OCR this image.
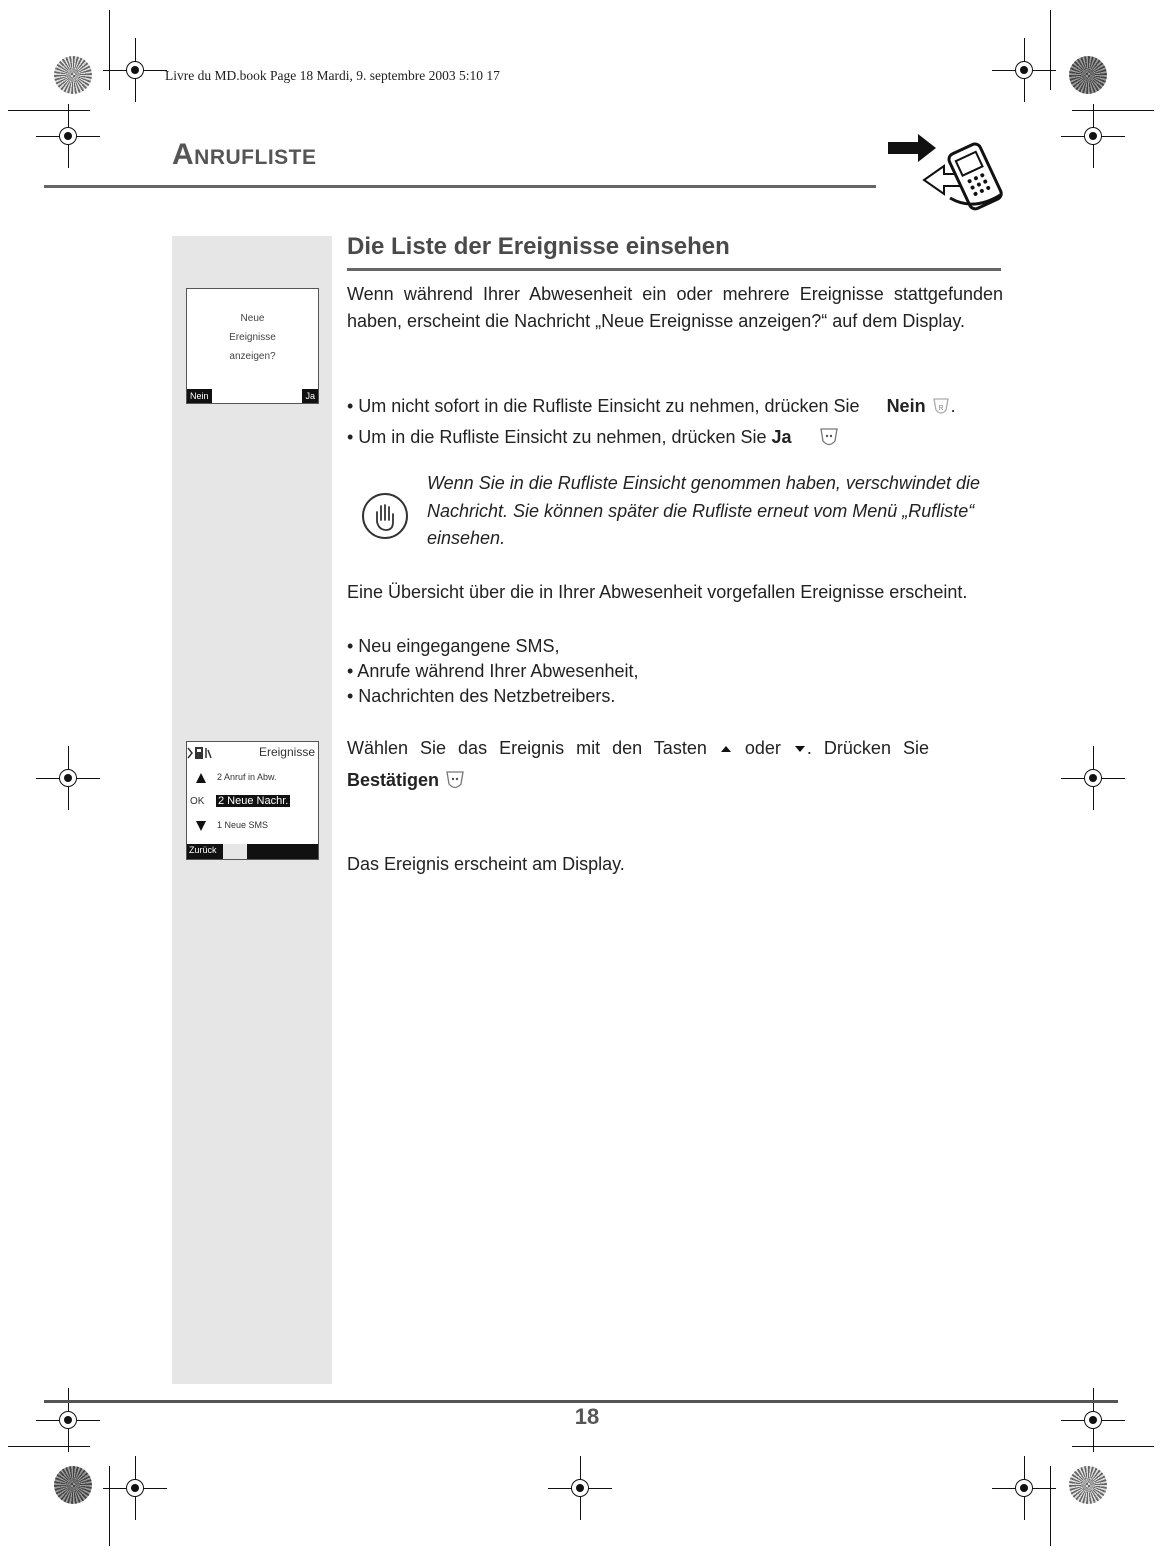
Livre du MD.book Page 18 Mardi, 9. septembre 2003 5:10 17
Anrufliste
Die Liste der Ereignisse einsehen
Neue
Ereignisse
anzeigen?
Nein	Ja
Wenn während Ihrer Abwesenheit ein oder mehrere Ereignisse stattgefunden haben, erscheint die Nachricht „Neue Ereignisse anzeigen?“ auf dem Display.
• Um nicht sofort in die Rufliste Einsicht zu nehmen, drücken Sie Nein R .
• Um in die Rufliste Einsicht zu nehmen, drücken Sie Ja
Wenn Sie in die Rufliste Einsicht genommen haben, verschwindet die Nachricht. Sie können später die Rufliste erneut vom Menü „Rufliste“ einsehen.
Eine Übersicht über die in Ihrer Abwesenheit vorgefallen Ereignisse erscheint.
• Neu eingegangene SMS,
• Anrufe während Ihrer Abwesenheit,
• Nachrichten des Netzbetreibers.
Ereignisse
2 Anruf in Abw.
OK 2 Neue Nachr.
1 Neue SMS
Zurück
Wählen Sie das Ereignis mit den Tasten oder . Drücken Sie
Bestätigen
Das Ereignis erscheint am Display.
18
